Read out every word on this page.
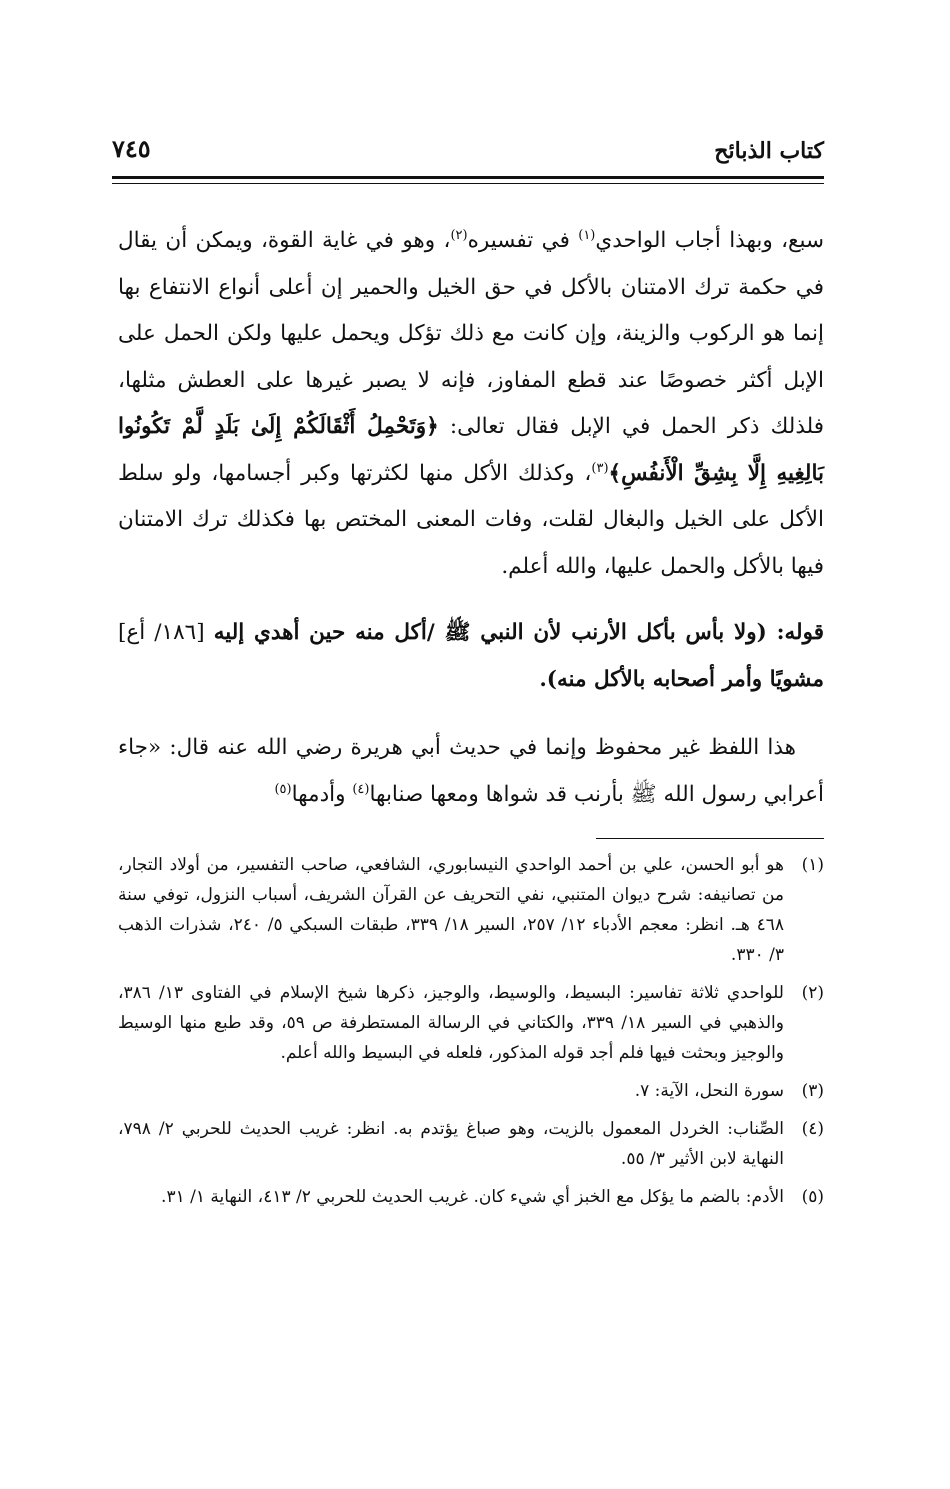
كتاب الذبائح
٧٤٥

سبع، وبهذا أجاب الواحدي$^{(١)}$ في تفسيره$^{(٢)}$، وهو في غاية القوة، ويمكن أن يقال في حكمة ترك الامتنان بالأكل في حق الخيل والحمير إن أعلى أنواع الانتفاع بها إنما هو الركوب والزينة، وإن كانت مع ذلك تؤكل ويحمل عليها ولكن الحمل على الإبل أكثر خصوصًا عند قطع المفاوز، فإنه لا يصبر غيرها على العطش مثلها، فلذلك ذكر الحمل في الإبل فقال تعالى: ﴿وَتَحْمِلُ أَثْقَالَكُمْ إِلَىٰ بَلَدٍ لَّمْ تَكُونُوا بَالِغِيهِ إِلَّا بِشِقِّ الْأَنفُسِ﴾$^{(٣)}$، وكذلك الأكل منها لكثرتها وكبر أجسامها، ولو سلط الأكل على الخيل والبغال لقلت، وفات المعنى المختص بها فكذلك ترك الامتنان فيها بالأكل والحمل عليها، والله أعلم.

قوله: (ولا بأس بأكل الأرنب لأن النبي ﷺ /أكل منه حين أهدي إليه [١٨٦/ أع] مشويًا وأمر أصحابه بالأكل منه).

هذا اللفظ غير محفوظ وإنما في حديث أبي هريرة رضي الله عنه قال: «جاء أعرابي رسول الله ﷺ بأرنب قد شواها ومعها صنابها$^{(٤)}$ وأدمها$^{(٥)}$

(١)
هو أبو الحسن، علي بن أحمد الواحدي النيسابوري، الشافعي، صاحب التفسير، من أولاد التجار، من تصانيفه: شرح ديوان المتنبي، نفي التحريف عن القرآن الشريف، أسباب النزول، توفي سنة ٤٦٨ هـ. انظر: معجم الأدباء ١٢/ ٢٥٧، السير ١٨/ ٣٣٩، طبقات السبكي ٥/ ٢٤٠، شذرات الذهب ٣/ ٣٣٠.

(٢)
للواحدي ثلاثة تفاسير: البسيط، والوسيط، والوجيز، ذكرها شيخ الإسلام في الفتاوى ١٣/ ٣٨٦، والذهبي في السير ١٨/ ٣٣٩، والكتاني في الرسالة المستطرفة ص ٥٩، وقد طبع منها الوسيط والوجيز وبحثت فيها فلم أجد قوله المذكور، فلعله في البسيط والله أعلم.

(٣)
سورة النحل، الآية: ٧.

(٤)
الصِّناب: الخردل المعمول بالزيت، وهو صباغ يؤتدم به. انظر: غريب الحديث للحربي ٢/ ٧٩٨، النهاية لابن الأثير ٣/ ٥٥.

(٥)
الأدم: بالضم ما يؤكل مع الخبز أي شيء كان. غريب الحديث للحربي ٢/ ٤١٣، النهاية ١/ ٣١.
